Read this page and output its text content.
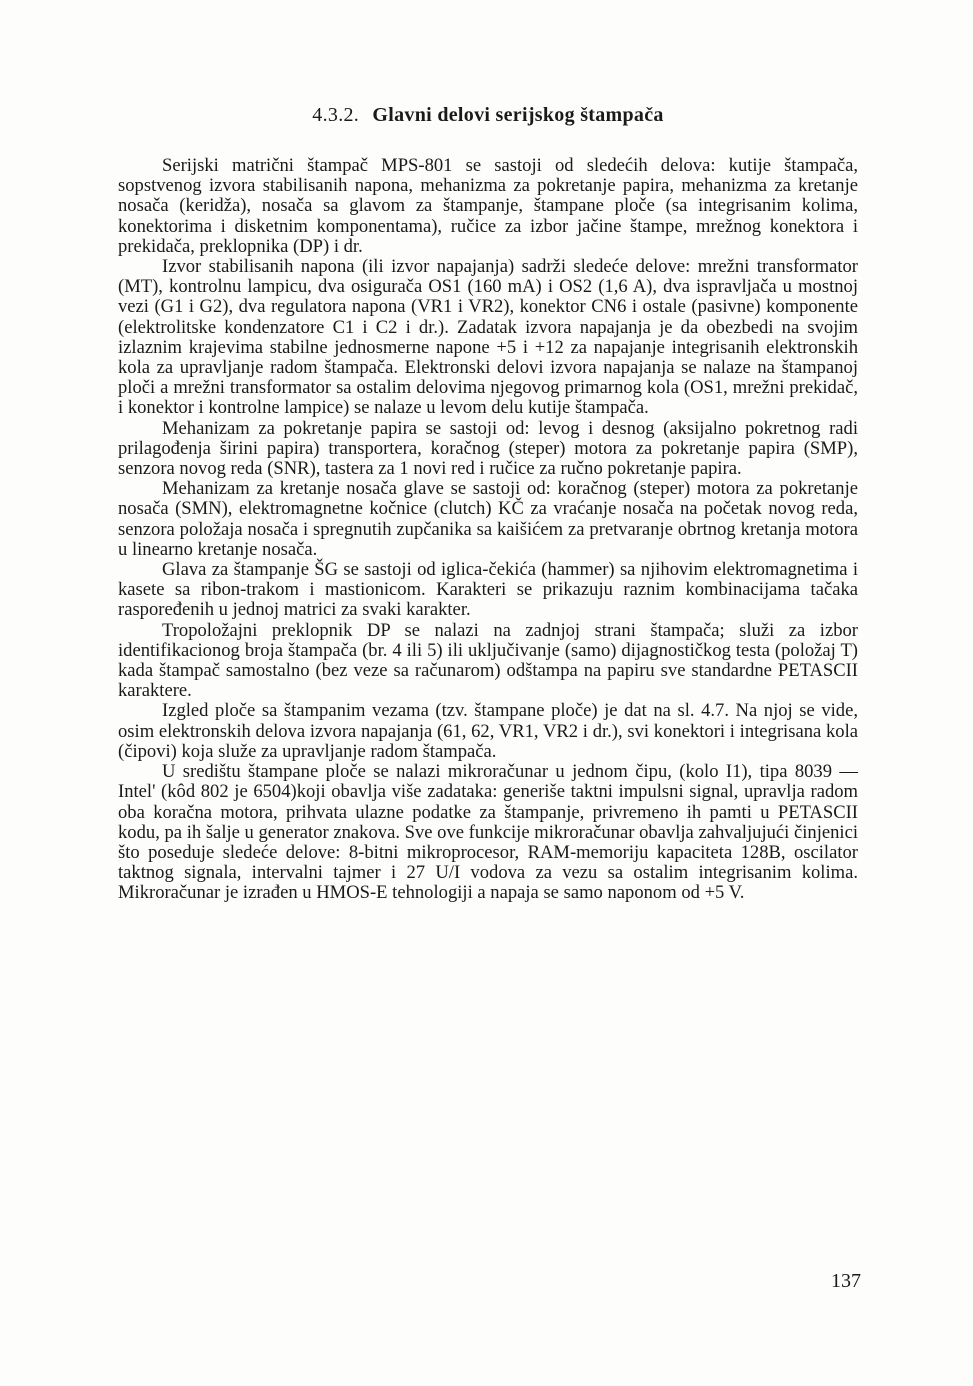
4.3.2. Glavni delovi serijskog štampača

Serijski matrični štampač MPS-801 se sastoji od sledećih delova: kutije štampača, sopstvenog izvora stabilisanih napona, mehanizma za pokretanje papira, mehanizma za kretanje nosača (keridža), nosača sa glavom za štampanje, štampane ploče (sa integrisanim kolima, konektorima i disketnim komponentama), ručice za izbor jačine štampe, mrežnog konektora i prekidača, preklopnika (DP) i dr.

Izvor stabilisanih napona (ili izvor napajanja) sadrži sledeće delove: mrežni transformator (MT), kontrolnu lampicu, dva osigurača OS1 (160 mA) i OS2 (1,6 A), dva ispravljača u mostnoj vezi (G1 i G2), dva regulatora napona (VR1 i VR2), konektor CN6 i ostale (pasivne) komponente (elektrolitske kondenzatore C1 i C2 i dr.). Zadatak izvora napajanja je da obezbedi na svojim izlaznim krajevima stabilne jednosmerne napone +5 i +12 za napajanje integrisanih elektronskih kola za upravljanje radom štampača. Elektronski delovi izvora napajanja se nalaze na štampanoj ploči a mrežni transformator sa ostalim delovima njegovog primarnog kola (OS1, mrežni prekidač, i konektor i kontrolne lampice) se nalaze u levom delu kutije štampača.

Mehanizam za pokretanje papira se sastoji od: levog i desnog (aksijalno pokretnog radi prilagođenja širini papira) transportera, koračnog (steper) motora za pokretanje papira (SMP), senzora novog reda (SNR), tastera za 1 novi red i ručice za ručno pokretanje papira.

Mehanizam za kretanje nosača glave se sastoji od: koračnog (steper) motora za pokretanje nosača (SMN), elektromagnetne kočnice (clutch) KČ za vraćanje nosača na početak novog reda, senzora položaja nosača i spregnutih zupčanika sa kaišićem za pretvaranje obrtnog kretanja motora u linearno kretanje nosača.

Glava za štampanje ŠG se sastoji od iglica-čekića (hammer) sa njihovim elektromagnetima i kasete sa ribon-trakom i mastionicom. Karakteri se prikazuju raznim kombinacijama tačaka raspoređenih u jednoj matrici za svaki karakter.

Tropoložajni preklopnik DP se nalazi na zadnjoj strani štampača; služi za izbor identifikacionog broja štampača (br. 4 ili 5) ili uključivanje (samo) dijagnostičkog testa (položaj T) kada štampač samostalno (bez veze sa računarom) odštampa na papiru sve standardne PETASCII karaktere.

Izgled ploče sa štampanim vezama (tzv. štampane ploče) je dat na sl. 4.7. Na njoj se vide, osim elektronskih delova izvora napajanja (61, 62, VR1, VR2 i dr.), svi konektori i integrisana kola (čipovi) koja služe za upravljanje radom štampača.

U središtu štampane ploče se nalazi mikroračunar u jednom čipu, (kolo I1), tipa 8039 — Intel' (kôd 802 je 6504)koji obavlja više zadataka: generiše taktni impulsni signal, upravlja radom oba koračna motora, prihvata ulazne podatke za štampanje, privremeno ih pamti u PETASCII kodu, pa ih šalje u generator znakova. Sve ove funkcije mikroračunar obavlja zahvaljujući činjenici što poseduje sledeće delove: 8-bitni mikroprocesor, RAM-memoriju kapaciteta 128B, oscilator taktnog signala, intervalni tajmer i 27 U/I vodova za vezu sa ostalim integrisanim kolima. Mikroračunar je izrađen u HMOS-E tehnologiji a napaja se samo naponom od +5 V.

137
